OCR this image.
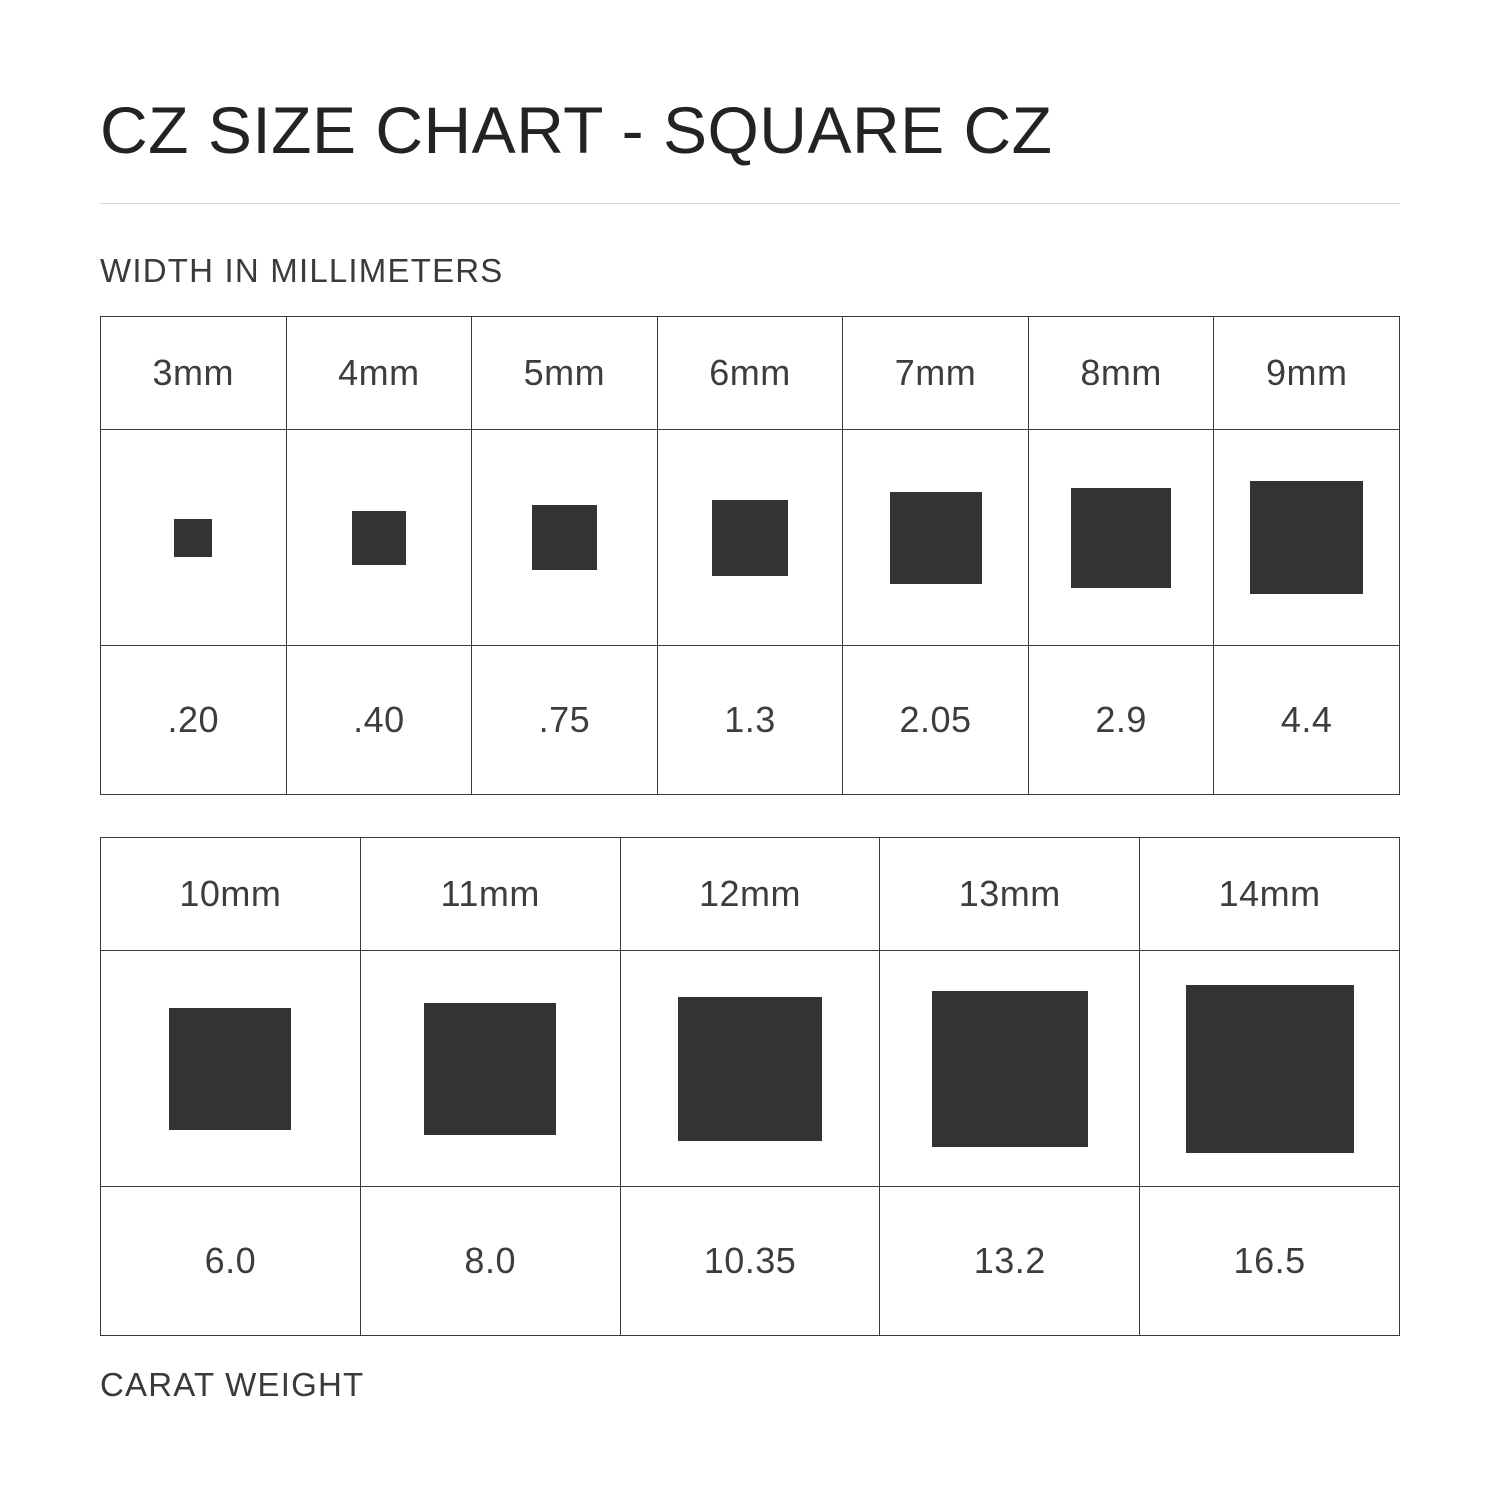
CZ SIZE CHART - SQUARE CZ
WIDTH IN MILLIMETERS
3mm	4mm	5mm	6mm	7mm	8mm	9mm

.20	.40	.75	1.3	2.05	2.9	4.4
10mm	11mm	12mm	13mm	14mm

6.0	8.0	10.35	13.2	16.5
CARAT WEIGHT
